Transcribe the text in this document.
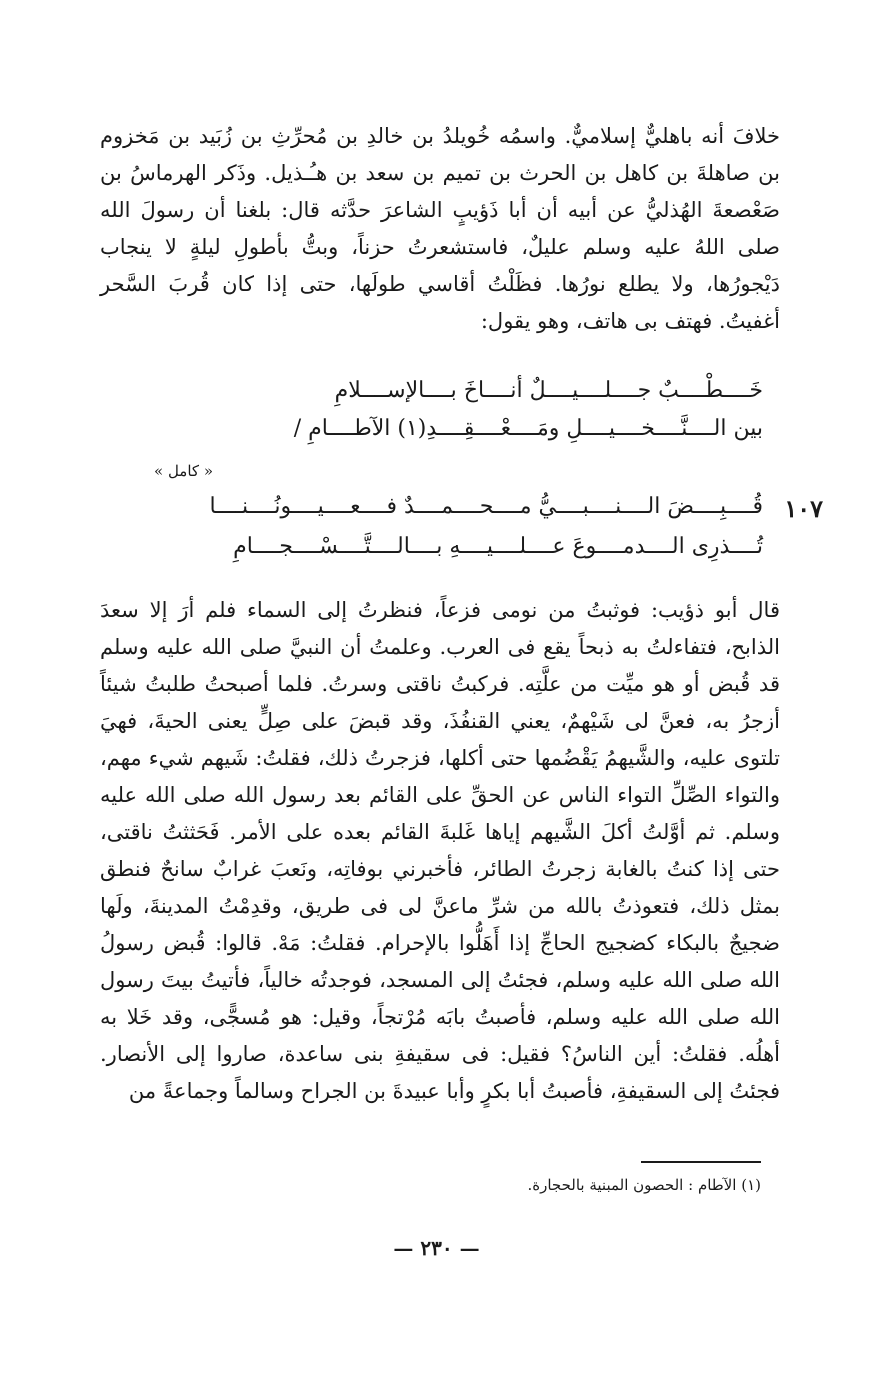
خلافَ أنه باهليٌّ إسلاميٌّ. واسمُه خُويلدُ بن خالدِ بن مُحرِّثِ بن زُبَيد بن مَخزوم بن صاهلةَ بن كاهل بن الحرث بن تميم بن سعد بن هـُـذيل. وذَكر الهرماسُ بن صَعْصعةَ الهُذليُّ عن أبيه أن أبا ذَؤيبٍ الشاعرَ حدَّثه قال: بلغنا أن رسولَ الله صلى اللهُ عليه وسلم عليلٌ، فاستشعرتُ حزناً، وبتُّ بأطولِ ليلةٍ لا ينجاب دَيْجورُها، ولا يطلع نورُها. فظَلْتُ أقاسي طولَها، حتى إذا كان قُربَ السَّحر أغفيتُ. فهتف بى هاتف، وهو يقول:

خَــــطْــــبٌ جــــلــــيــــلٌ أنــــاخَ بــــالإســــلامِ
بين الــــنَّــــخــــيــــلِ ومَــــعْــــقِــــدِ(١) الآطــــامِ /
« كامل »
١٠٧
قُــــبِــــضَ الــــنــــبــــيُّ مــــحــــمــــدٌ فــــعــــيــــونُــــنــــا
تُــــذرِى الــــدمــــوعَ عــــلــــيــــهِ بــــالــــتَّــــسْــــجــــامِ

قال أبو ذؤيب: فوثبتُ من نومى فزعاً، فنظرتُ إلى السماء فلم أرَ إلا سعدَ الذابح، فتفاءلتُ به ذبحاً يقع فى العرب. وعلمتُ أن النبيَّ صلى الله عليه وسلم قد قُبض أو هو ميِّت من علَّتِه. فركبتُ ناقتى وسرتُ. فلما أصبحتُ طلبتُ شيئاً أزجرُ به، فعنَّ لى شَيْهمٌ، يعني القنفُذَ، وقد قبضَ على صِلٍّ يعنى الحيةَ، فهيَ تلتوى عليه، والشَّيهمُ يَقْضُمها حتى أكلها، فزجرتُ ذلك، فقلتُ: شَيهم شيء مهم، والتواء الصِّلِّ التواء الناس عن الحقِّ على القائم بعد رسول الله صلى الله عليه وسلم. ثم أوَّلتُ أكلَ الشَّيهم إياها غَلبةَ القائم بعده على الأمر. فَحَثثتُ ناقتى، حتى إذا كنتُ بالغابة زجرتُ الطائر، فأخبرني بوفاتِه، ونَعبَ غرابٌ سانحٌ فنطق بمثل ذلك، فتعوذتُ بالله من شرِّ ماعنَّ لى فى طريق، وقدِمْتُ المدينةَ، ولَها ضجيجٌ بالبكاء كضجيج الحاجِّ إذا أَهَلُّوا بالإحرام. فقلتُ: مَهْ. قالوا: قُبض رسولُ الله صلى الله عليه وسلم، فجئتُ إلى المسجد، فوجدتُه خالياً، فأتيتُ بيتَ رسول الله صلى الله عليه وسلم، فأصبتُ بابَه مُرْتجاً، وقيل: هو مُسجًّى، وقد خَلا به أهلُه. فقلتُ: أين الناسُ؟ فقيل: فى سقيفةِ بنى ساعدة، صاروا إلى الأنصار. فجئتُ إلى السقيفةِ، فأصبتُ أبا بكرٍ وأبا عبيدةَ بن الجراح وسالماً وجماعةً من

(١) الآطام : الحصون المبنية بالحجارة.
— ٢٣٠ —
